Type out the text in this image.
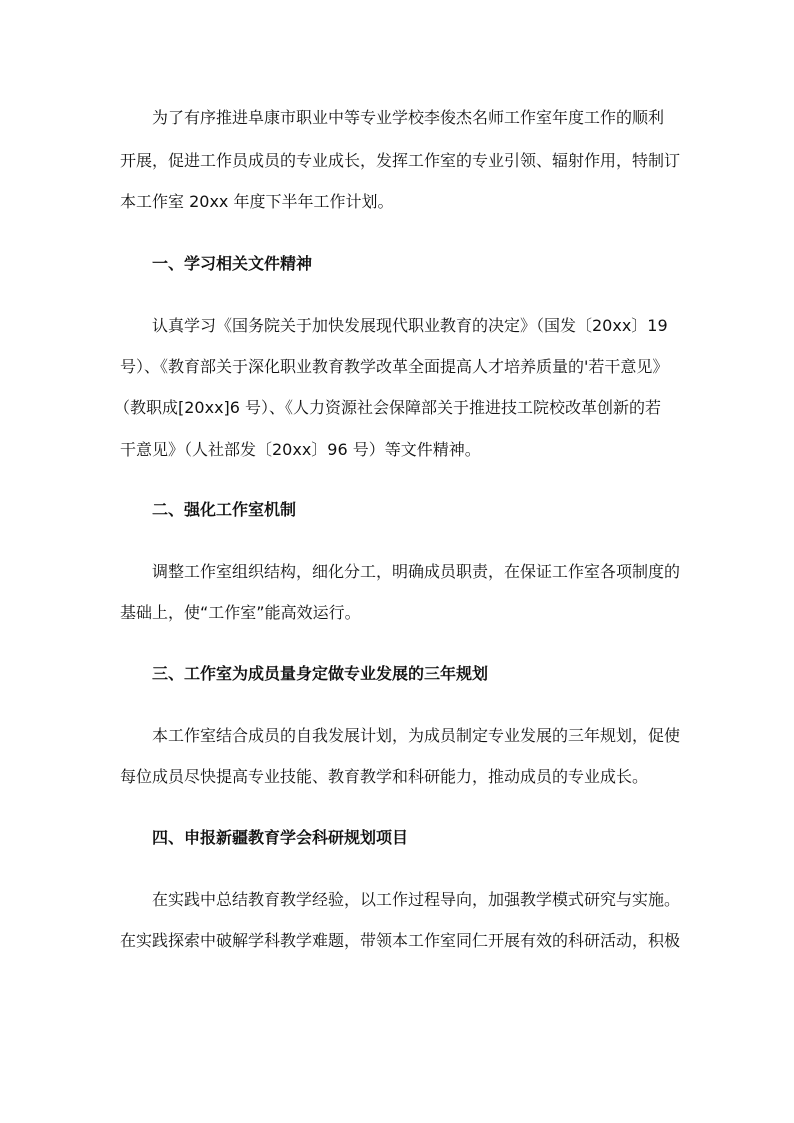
为了有序推进阜康市职业中等专业学校李俊杰名师工作室年度工作的顺利
开展，促进工作员成员的专业成长，发挥工作室的专业引领、辐射作用，特制订
本工作室 20xx 年度下半年工作计划。
一、学习相关文件精神
认真学习《国务院关于加快发展现代职业教育的决定》（国发〔20xx〕19
号）、《教育部关于深化职业教育教学改革全面提高人才培养质量的'若干意见》
（教职成[20xx]6 号）、《人力资源社会保障部关于推进技工院校改革创新的若
干意见》（人社部发〔20xx〕96 号）等文件精神。
二、强化工作室机制
调整工作室组织结构，细化分工，明确成员职责，在保证工作室各项制度的
基础上，使“工作室”能高效运行。
三、工作室为成员量身定做专业发展的三年规划
本工作室结合成员的自我发展计划，为成员制定专业发展的三年规划，促使
每位成员尽快提高专业技能、教育教学和科研能力，推动成员的专业成长。
四、申报新疆教育学会科研规划项目
在实践中总结教育教学经验，以工作过程导向，加强教学模式研究与实施。
在实践探索中破解学科教学难题，带领本工作室同仁开展有效的科研活动，积极
